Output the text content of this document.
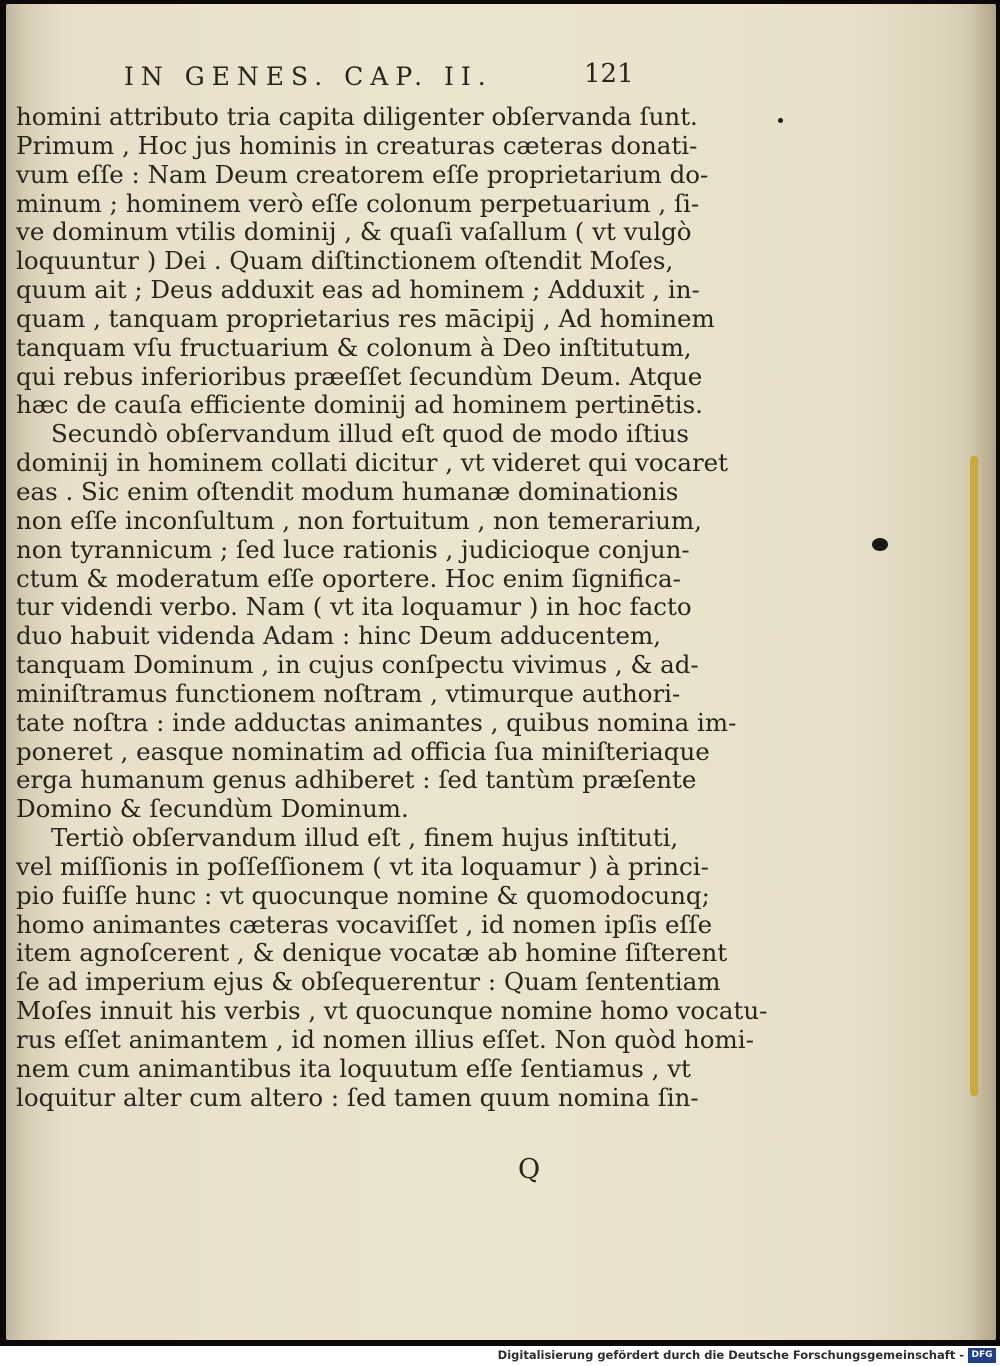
IN GENES. CAP. II.	121
homini attributo tria capita diligenter obſervanda ſunt.
Primum , Hoc jus hominis in creaturas cæteras donati-
vum eſſe : Nam Deum creatorem eſſe proprietarium do-
minum ; hominem verò eſſe colonum perpetuarium , ſi-
ve dominum vtilis dominij , & quaſi vaſallum ( vt vulgò
loquuntur ) Dei . Quam diſtinctionem oſtendit Moſes,
quum ait ; Deus adduxit eas ad hominem ; Adduxit , in-
quam , tanquam proprietarius res mācipij , Ad hominem
tanquam vſu fructuarium & colonum à Deo inſtitutum,
qui rebus inferioribus præeſſet ſecundùm Deum. Atque
hæc de cauſa efficiente dominij ad hominem pertinētis.
Secundò obſervandum illud eſt quod de modo iſtius
dominij in hominem collati dicitur , vt videret qui vocaret
eas . Sic enim oſtendit modum humanæ dominationis
non eſſe inconſultum , non fortuitum , non temerarium,
non tyrannicum ; ſed luce rationis , judicioque conjun-
ctum & moderatum eſſe oportere. Hoc enim ſignifica-
tur videndi verbo. Nam ( vt ita loquamur ) in hoc facto
duo habuit videnda Adam : hinc Deum adducentem,
tanquam Dominum , in cujus conſpectu vivimus , & ad-
miniſtramus functionem noſtram , vtimurque authori-
tate noſtra : inde adductas animantes , quibus nomina im-
poneret , easque nominatim ad officia ſua miniſteriaque
erga humanum genus adhiberet : ſed tantùm præſente
Domino & ſecundùm Dominum.
Tertiò obſervandum illud eſt , finem hujus inſtituti,
vel miſſionis in poſſeſſionem ( vt ita loquamur ) à princi-
pio fuiſſe hunc : vt quocunque nomine & quomodocunq;
homo animantes cæteras vocaviſſet , id nomen ipſis eſſe
item agnoſcerent , & denique vocatæ ab homine ſiſterent
ſe ad imperium ejus & obſequerentur : Quam ſententiam
Moſes innuit his verbis , vt quocunque nomine homo vocatu-
rus eſſet animantem , id nomen illius eſſet. Non quòd homi-
nem cum animantibus ita loquutum eſſe ſentiamus , vt
loquitur alter cum altero : ſed tamen quum nomina ſin-
Q
Digitalisierung gefördert durch die Deutsche Forschungsgemeinschaft - DFG
